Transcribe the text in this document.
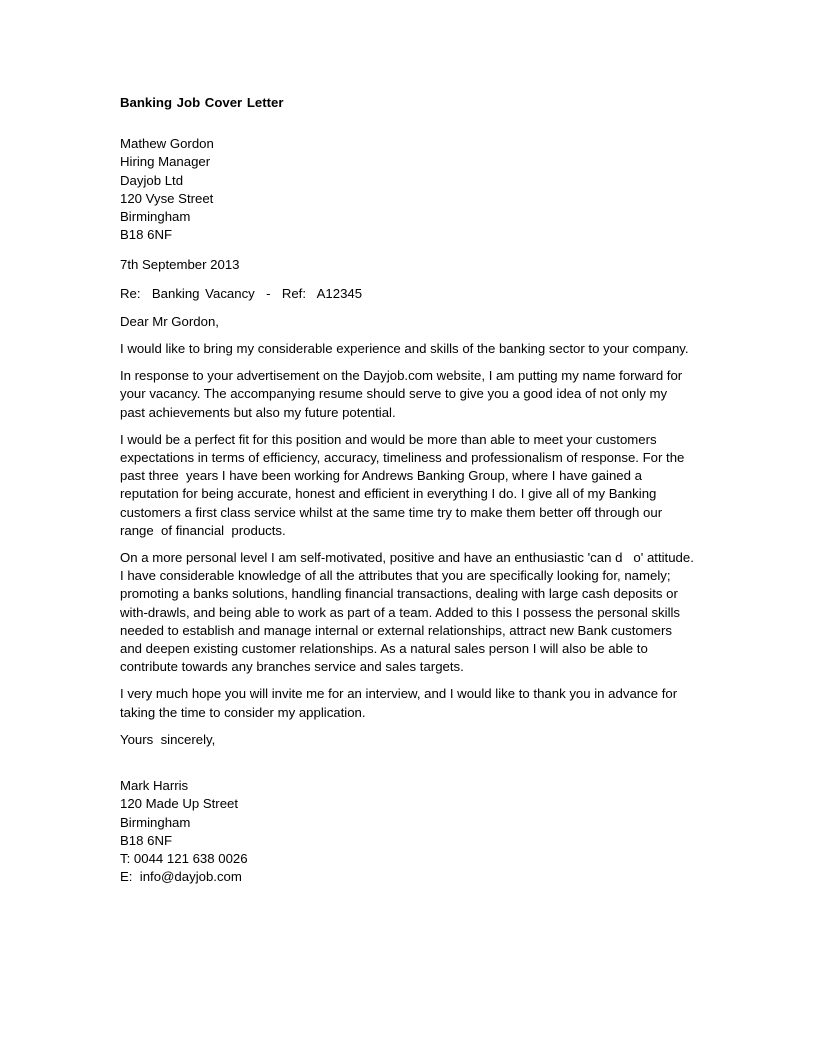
Banking Job Cover Letter
Mathew Gordon
Hiring Manager
Dayjob Ltd
120 Vyse Street
Birmingham
B18 6NF
7th September 2013
Re:  Banking Vacancy  -  Ref:  A12345
Dear Mr Gordon,
I would like to bring my considerable experience and skills of the banking sector to your company.
In response to your advertisement on the Dayjob.com website, I am putting my name forward for
your vacancy. The accompanying resume should serve to give you a good idea of not only my
past achievements but also my future potential.
I would be a perfect fit for this position and would be more than able to meet your customers
expectations in terms of efficiency, accuracy, timeliness and professionalism of response. For the
past three  years I have been working for Andrews Banking Group, where I have gained a
reputation for being accurate, honest and efficient in everything I do. I give all of my Banking
customers a first class service whilst at the same time try to make them better off through our
range  of financial  products.
On a more personal level I am self-motivated, positive and have an enthusiastic 'can d   o' attitude.
I have considerable knowledge of all the attributes that you are specifically looking for, namely;
promoting a banks solutions, handling financial transactions, dealing with large cash deposits or
with-drawls, and being able to work as part of a team. Added to this I possess the personal skills
needed to establish and manage internal or external relationships, attract new Bank customers
and deepen existing customer relationships. As a natural sales person I will also be able to
contribute towards any branches service and sales targets.
I very much hope you will invite me for an interview, and I would like to thank you in advance for
taking the time to consider my application.
Yours  sincerely,
Mark Harris
120 Made Up Street
Birmingham
B18 6NF
T: 0044 121 638 0026
E:  info@dayjob.com
